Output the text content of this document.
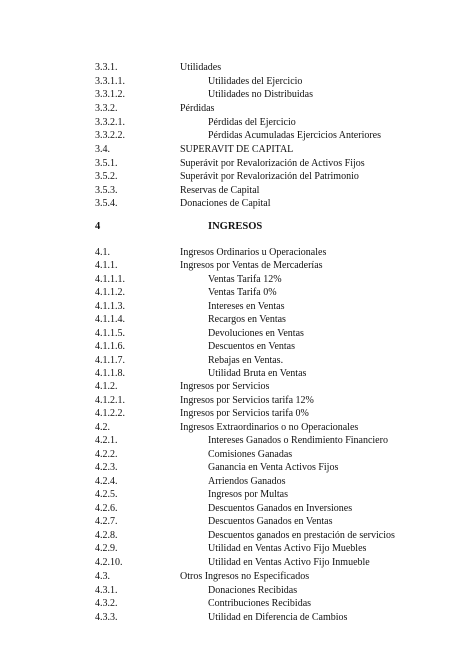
3.3.1.	Utilidades
3.3.1.1.	Utilidades del Ejercicio
3.3.1.2.	Utilidades no Distribuidas
3.3.2.	Pérdidas
3.3.2.1.	Pérdidas del Ejercicio
3.3.2.2.	Pérdidas Acumuladas Ejercicios Anteriores
3.4.	SUPERAVIT DE CAPITAL
3.5.1.	Superávit por Revalorización de Activos Fijos
3.5.2.	Superávit por Revalorización del Patrimonio
3.5.3.	Reservas de Capital
3.5.4.	Donaciones de Capital
4	INGRESOS
4.1.	Ingresos Ordinarios u Operacionales
4.1.1.	Ingresos por Ventas de Mercaderías
4.1.1.1.	Ventas Tarifa 12%
4.1.1.2.	Ventas Tarifa 0%
4.1.1.3.	Intereses en Ventas
4.1.1.4.	Recargos en Ventas
4.1.1.5.	Devoluciones en Ventas
4.1.1.6.	Descuentos en Ventas
4.1.1.7.	Rebajas en Ventas.
4.1.1.8.	Utilidad Bruta en Ventas
4.1.2.	Ingresos por Servicios
4.1.2.1.	Ingresos por Servicios tarifa 12%
4.1.2.2.	Ingresos por Servicios tarifa 0%
4.2.	Ingresos Extraordinarios o no Operacionales
4.2.1.	Intereses Ganados o Rendimiento Financiero
4.2.2.	Comisiones Ganadas
4.2.3.	Ganancia en Venta Activos Fijos
4.2.4.	Arriendos Ganados
4.2.5.	Ingresos por Multas
4.2.6.	Descuentos Ganados en Inversiones
4.2.7.	Descuentos Ganados en Ventas
4.2.8.	Descuentos ganados en prestación de servicios
4.2.9.	Utilidad en Ventas Activo Fijo Muebles
4.2.10.	Utilidad en Ventas Activo Fijo Inmueble
4.3.	Otros Ingresos no Especificados
4.3.1.	Donaciones Recibidas
4.3.2.	Contribuciones Recibidas
4.3.3.	Utilidad en Diferencia de Cambios
